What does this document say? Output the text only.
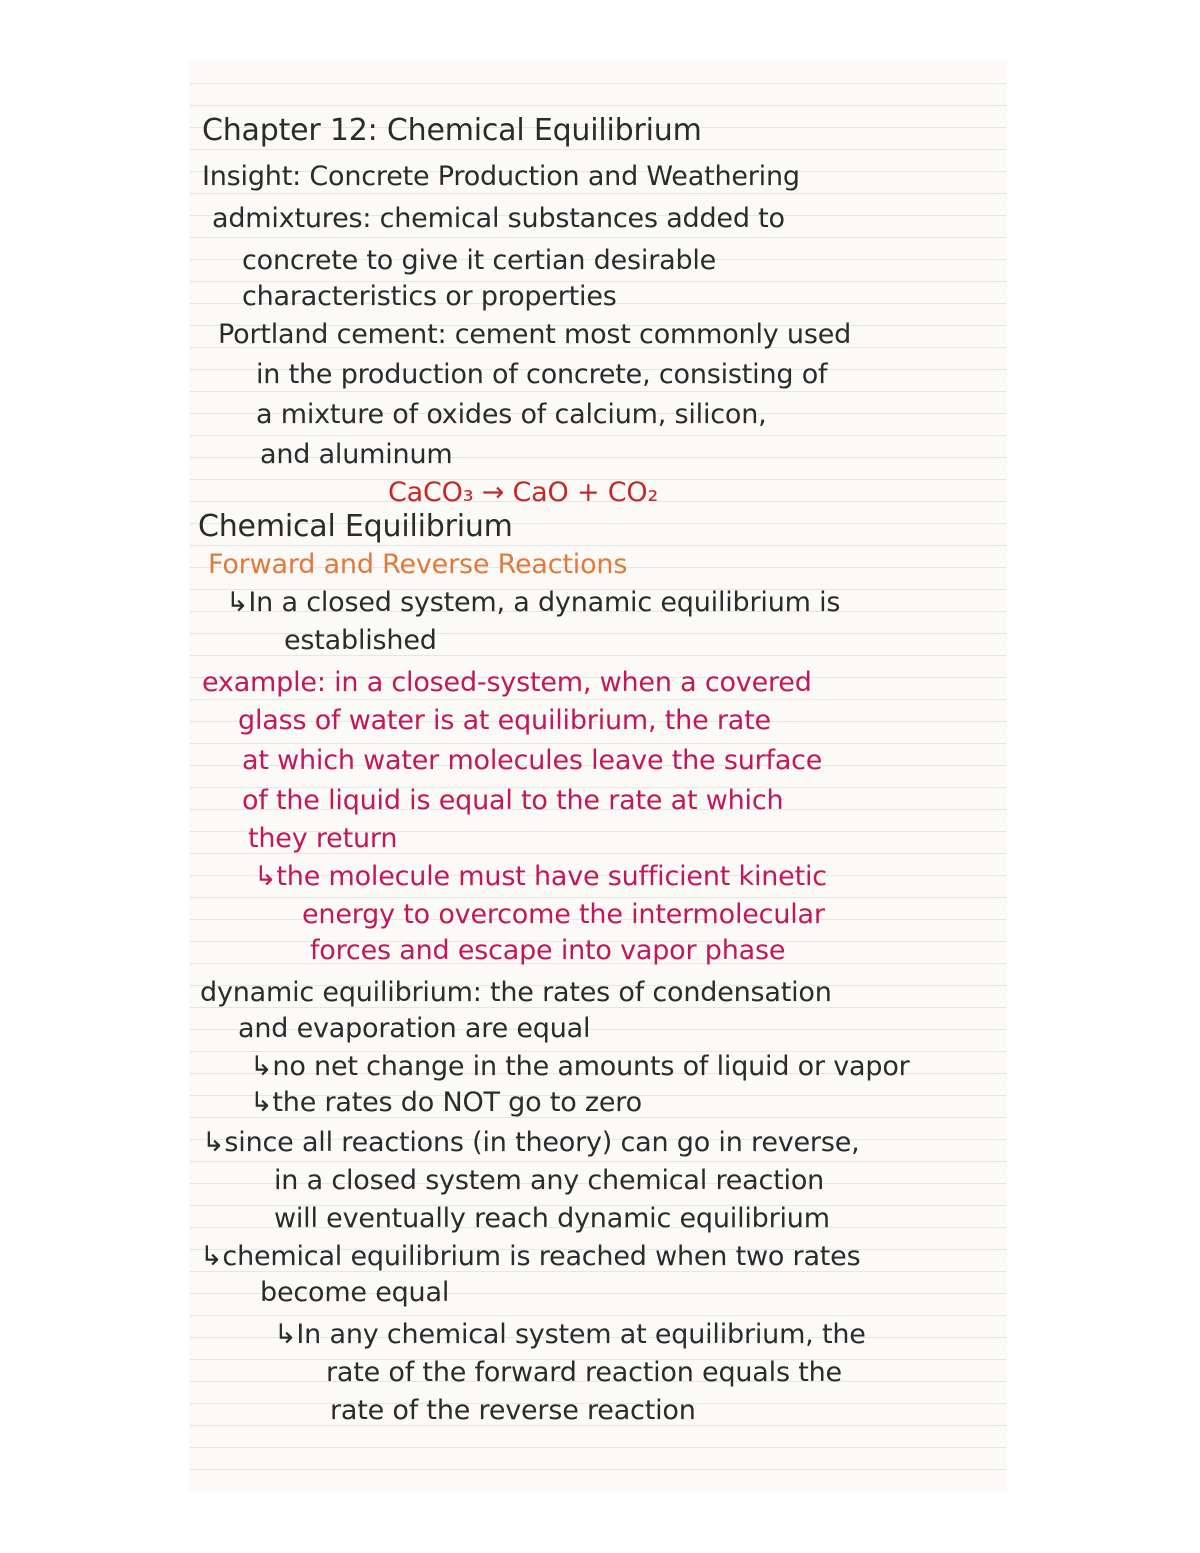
Chapter 12: Chemical Equilibrium
Insight: Concrete Production and Weathering
admixtures: chemical substances added to
concrete to give it certian desirable
characteristics or properties
Portland cement: cement most commonly used
in the production of concrete, consisting of
a mixture of oxides of calcium, silicon,
and aluminum
CaCO₃ → CaO + CO₂
Chemical Equilibrium
Forward and Reverse Reactions
↳In a closed system, a dynamic equilibrium is
established
example: in a closed-system, when a covered
glass of water is at equilibrium, the rate
at which water molecules leave the surface
of the liquid is equal to the rate at which
they return
↳the molecule must have sufficient kinetic
energy to overcome the intermolecular
forces and escape into vapor phase
dynamic equilibrium: the rates of condensation
and evaporation are equal
↳no net change in the amounts of liquid or vapor
↳the rates do NOT go to zero
↳since all reactions (in theory) can go in reverse,
in a closed system any chemical reaction
will eventually reach dynamic equilibrium
↳chemical equilibrium is reached when two rates
become equal
↳In any chemical system at equilibrium, the
rate of the forward reaction equals the
rate of the reverse reaction
